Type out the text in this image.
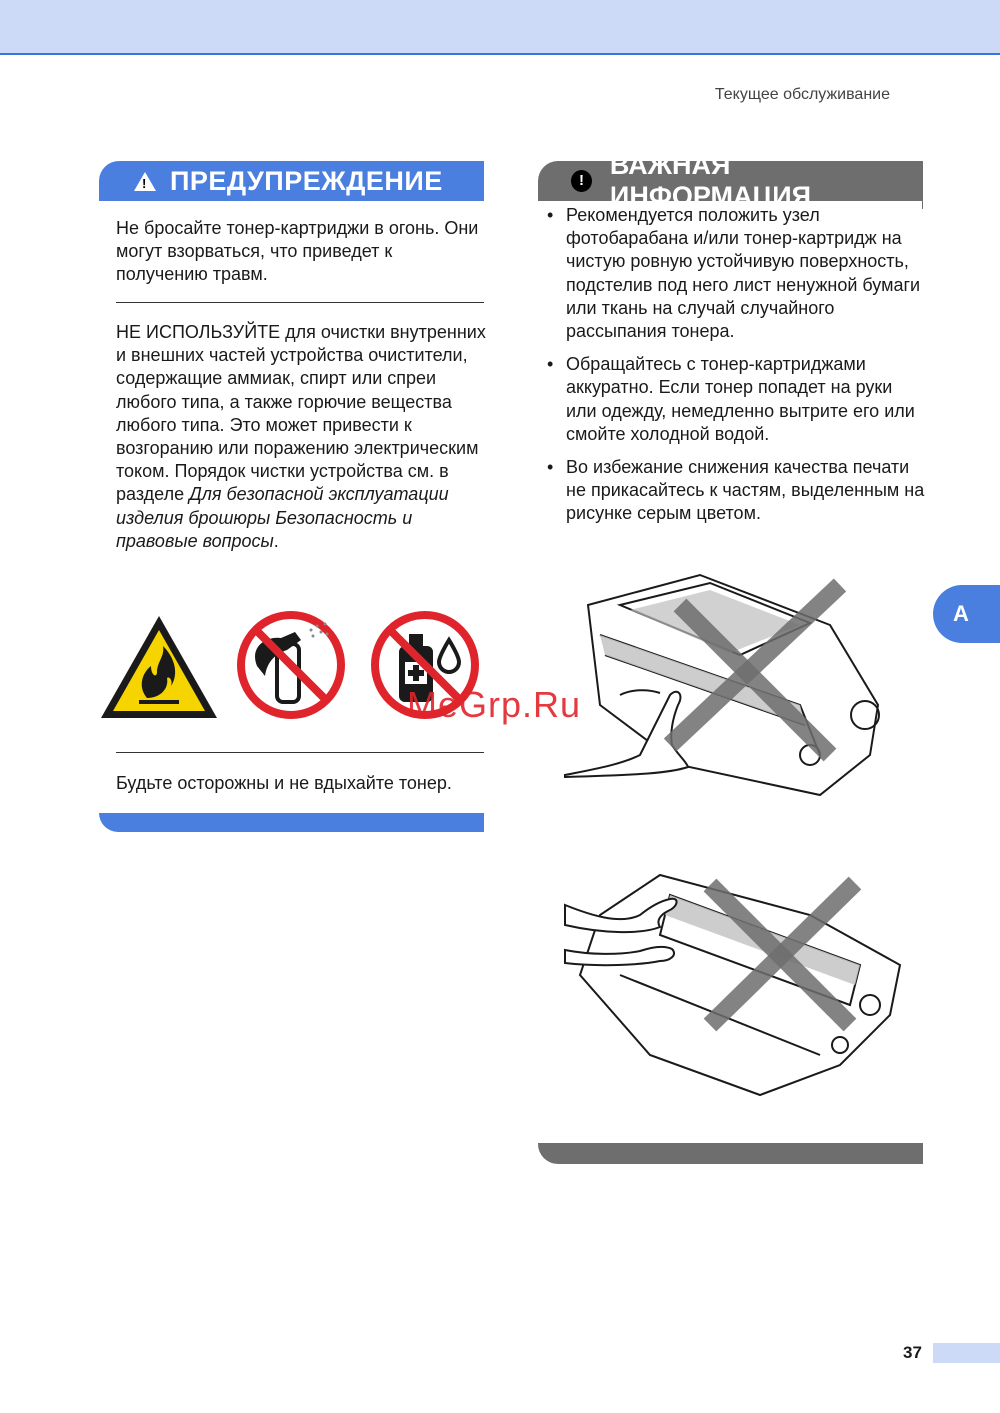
Текущее обслуживание
!
ПРЕДУПРЕЖДЕНИЕ

Не бросайте тонер-картриджи в огонь. Они могут взорваться, что приведет к получению травм.

НЕ ИСПОЛЬЗУЙТЕ для очистки внутренних и внешних частей устройства очистители, содержащие аммиак, спирт или спреи любого типа, а также горючие вещества любого типа. Это может привести к возгоранию или поражению электрическим током. Порядок чистки устройства см. в разделе Для безопасной эксплуатации изделия брошюры Безопасность и правовые вопросы.

Будьте осторожны и не вдыхайте тонер.

!
ВАЖНАЯ ИНФОРМАЦИЯ
• Рекомендуется положить узел фотобарабана и/или тонер-картридж на чистую ровную устойчивую поверхность, подстелив под него лист ненужной бумаги или ткань на случай случайного рассыпания тонера.
• Обращайтесь с тонер-картриджами аккуратно. Если тонер попадет на руки или одежду, немедленно вытрите его или смойте холодной водой.
• Во избежание снижения качества печати не прикасайтесь к частям, выделенным на рисунке серым цветом.
A
MeGrp.Ru
37
